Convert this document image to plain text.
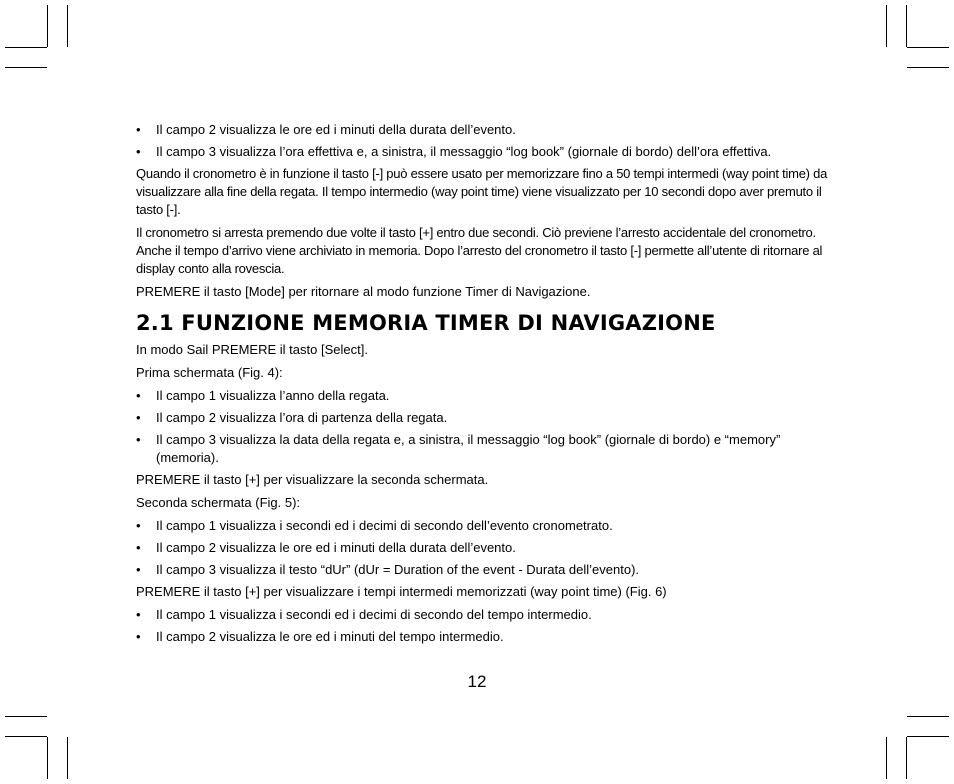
• Il campo 2 visualizza le ore ed i minuti della durata dell’evento.
• Il campo 3 visualizza l’ora effettiva e, a sinistra, il messaggio “log book” (giornale di bordo) dell’ora effettiva.

Quando il cronometro è in funzione il tasto [-] può essere usato per memorizzare fino a 50 tempi intermedi (way point time) da visualizzare alla fine della regata. Il tempo intermedio (way point time) viene visualizzato per 10 secondi dopo aver premuto il tasto [-].

Il cronometro si arresta premendo due volte il tasto [+] entro due secondi. Ciò previene l’arresto accidentale del cronometro. Anche il tempo d’arrivo viene archiviato in memoria. Dopo l’arresto del cronometro il tasto [-] permette all’utente di ritornare al display conto alla rovescia.

PREMERE il tasto [Mode] per ritornare al modo funzione Timer di Navigazione.

2.1 FUNZIONE MEMORIA TIMER DI NAVIGAZIONE

In modo Sail PREMERE il tasto [Select].

Prima schermata (Fig. 4):

• Il campo 1 visualizza l’anno della regata.
• Il campo 2 visualizza l’ora di partenza della regata.
• Il campo 3 visualizza la data della regata e, a sinistra, il messaggio “log book” (giornale di bordo) e “memory” (memoria).

PREMERE il tasto [+] per visualizzare la seconda schermata.

Seconda schermata (Fig. 5):

• Il campo 1 visualizza i secondi ed i decimi di secondo dell’evento cronometrato.
• Il campo 2 visualizza le ore ed i minuti della durata dell’evento.
• Il campo 3 visualizza il testo “dUr” (dUr = Duration of the event - Durata dell’evento).

PREMERE il tasto [+] per visualizzare i tempi intermedi memorizzati (way point time) (Fig. 6)

• Il campo 1 visualizza i secondi ed i decimi di secondo del tempo intermedio.
• Il campo 2 visualizza le ore ed i minuti del tempo intermedio.
12
